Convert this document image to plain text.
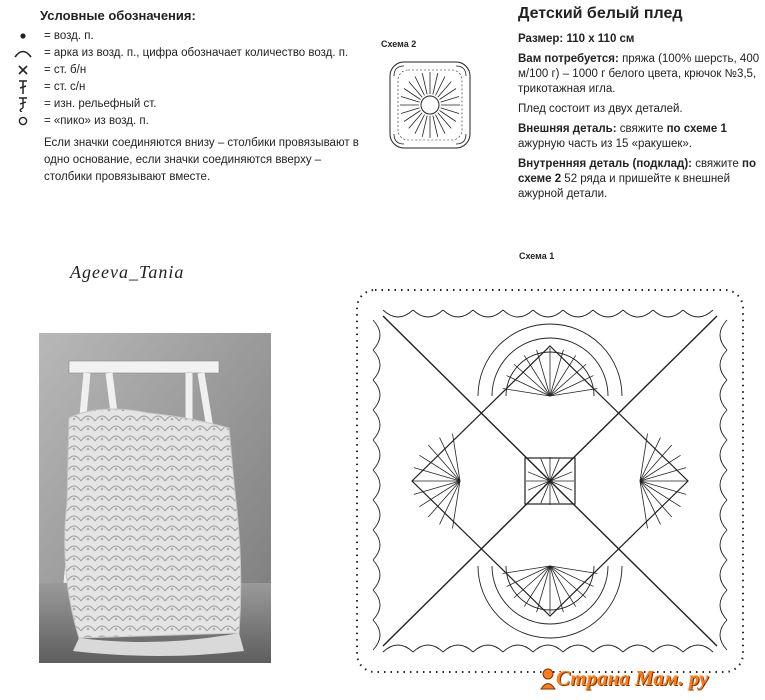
Условные обозначения:
= возд. п.
= арка из возд. п., цифра обозначает количество возд. п.
= ст. б/н
= ст. с/н
= изн. рельефный ст.
= «пико» из возд. п.
Если значки соединяются внизу – столбики провязывают в одно основание, если значки соединяются вверху – столбики провязывают вместе.
Схема 2
Детский белый плед

Размер: 110 х 110 см

Вам потребуется: пряжа (100% шерсть, 400 м/100 г) – 1000 г белого цвета, крючок №3,5, трикотажная игла.

Плед состоит из двух деталей.

Внешняя деталь: свяжите по схеме 1 ажурную часть из 15 «ракушек».

Внутренняя деталь (подклад): свяжите по схеме 2 52 ряда и пришейте к внешней ажурной детали.

Ageeva_Tania
Схема 1
Страна Мам. ру
